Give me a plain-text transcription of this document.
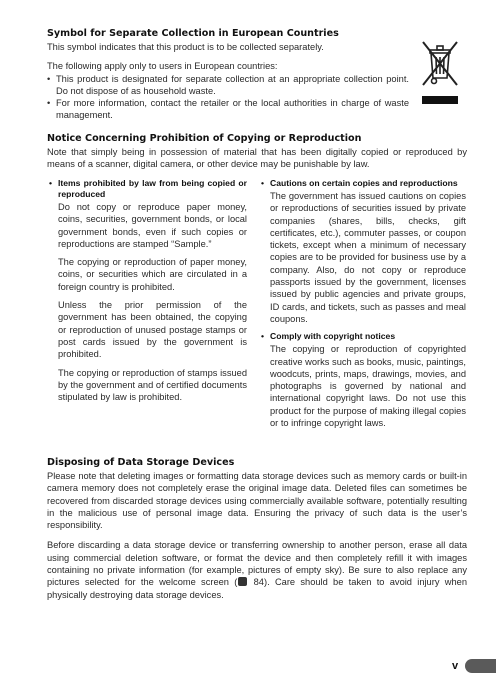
Symbol for Separate Collection in European Countries
This symbol indicates that this product is to be collected separately.
The following apply only to users in European countries:
• This product is designated for separate collection at an appropriate collection point. Do not dispose of as household waste.
• For more information, contact the retailer or the local authorities in charge of waste management.
Notice Concerning Prohibition of Copying or Reproduction
Note that simply being in possession of material that has been digitally copied or reproduced by means of a scanner, digital camera, or other device may be punishable by law.
• Items prohibited by law from being copied or reproduced
Do not copy or reproduce paper money, coins, securities, government bonds, or local government bonds, even if such copies or reproductions are stamped “Sample.”
The copying or reproduction of paper money, coins, or securities which are circulated in a foreign country is prohibited.
Unless the prior permission of the government has been obtained, the copying or reproduction of unused postage stamps or post cards issued by the government is prohibited.
The copying or reproduction of stamps issued by the government and of certified documents stipulated by law is prohibited.
• Cautions on certain copies and reproductions
The government has issued cautions on copies or reproductions of securities issued by private companies (shares, bills, checks, gift certificates, etc.), commuter passes, or coupon tickets, except when a minimum of necessary copies are to be provided for business use by a company. Also, do not copy or reproduce passports issued by the government, licenses issued by public agencies and private groups, ID cards, and tickets, such as passes and meal coupons.
• Comply with copyright notices
The copying or reproduction of copyrighted creative works such as books, music, paintings, woodcuts, prints, maps, drawings, movies, and photographs is governed by national and international copyright laws. Do not use this product for the purpose of making illegal copies or to infringe copyright laws.
Disposing of Data Storage Devices
Please note that deleting images or formatting data storage devices such as memory cards or built-in camera memory does not completely erase the original image data. Deleted files can sometimes be recovered from discarded storage devices using commercially available software, potentially resulting in the malicious use of personal image data. Ensuring the privacy of such data is the user’s responsibility.
Before discarding a data storage device or transferring ownership to another person, erase all data using commercial deletion software, or format the device and then completely refill it with images containing no private information (for example, pictures of empty sky). Be sure to also replace any pictures selected for the welcome screen ( 84). Care should be taken to avoid injury when physically destroying data storage devices.
v
